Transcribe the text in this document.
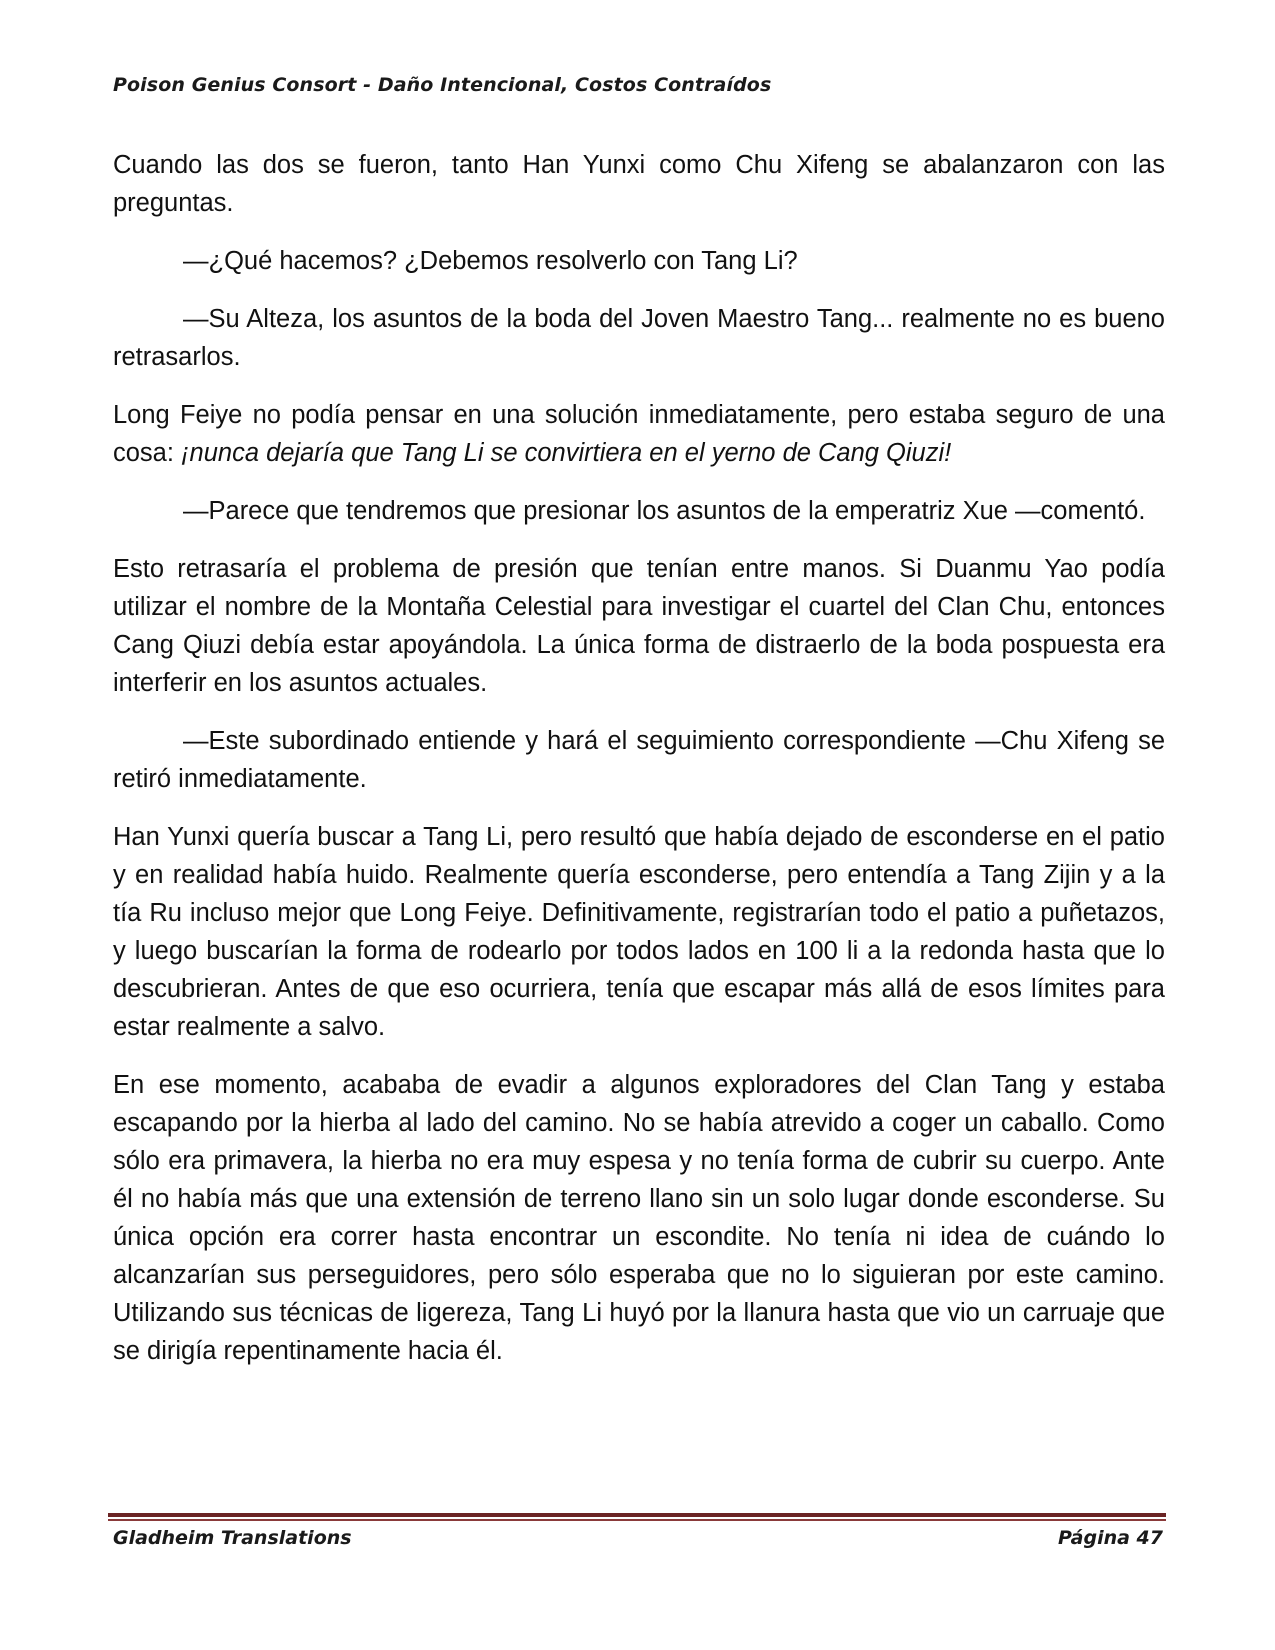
Poison Genius Consort - Daño Intencional, Costos Contraídos

Cuando las dos se fueron, tanto Han Yunxi como Chu Xifeng se abalanzaron con las preguntas.

—¿Qué hacemos? ¿Debemos resolverlo con Tang Li?

—Su Alteza, los asuntos de la boda del Joven Maestro Tang... realmente no es bueno retrasarlos.

Long Feiye no podía pensar en una solución inmediatamente, pero estaba seguro de una cosa: ¡nunca dejaría que Tang Li se convirtiera en el yerno de Cang Qiuzi!

—Parece que tendremos que presionar los asuntos de la emperatriz Xue —comentó.

Esto retrasaría el problema de presión que tenían entre manos. Si Duanmu Yao podía utilizar el nombre de la Montaña Celestial para investigar el cuartel del Clan Chu, entonces Cang Qiuzi debía estar apoyándola. La única forma de distraerlo de la boda pospuesta era interferir en los asuntos actuales.

—Este subordinado entiende y hará el seguimiento correspondiente —Chu Xifeng se retiró inmediatamente.

Han Yunxi quería buscar a Tang Li, pero resultó que había dejado de esconderse en el patio y en realidad había huido. Realmente quería esconderse, pero entendía a Tang Zijin y a la tía Ru incluso mejor que Long Feiye. Definitivamente, registrarían todo el patio a puñetazos, y luego buscarían la forma de rodearlo por todos lados en 100 li a la redonda hasta que lo descubrieran. Antes de que eso ocurriera, tenía que escapar más allá de esos límites para estar realmente a salvo.

En ese momento, acababa de evadir a algunos exploradores del Clan Tang y estaba escapando por la hierba al lado del camino. No se había atrevido a coger un caballo. Como sólo era primavera, la hierba no era muy espesa y no tenía forma de cubrir su cuerpo. Ante él no había más que una extensión de terreno llano sin un solo lugar donde esconderse. Su única opción era correr hasta encontrar un escondite. No tenía ni idea de cuándo lo alcanzarían sus perseguidores, pero sólo esperaba que no lo siguieran por este camino. Utilizando sus técnicas de ligereza, Tang Li huyó por la llanura hasta que vio un carruaje que se dirigía repentinamente hacia él.

Gladheim Translations	Página 47
